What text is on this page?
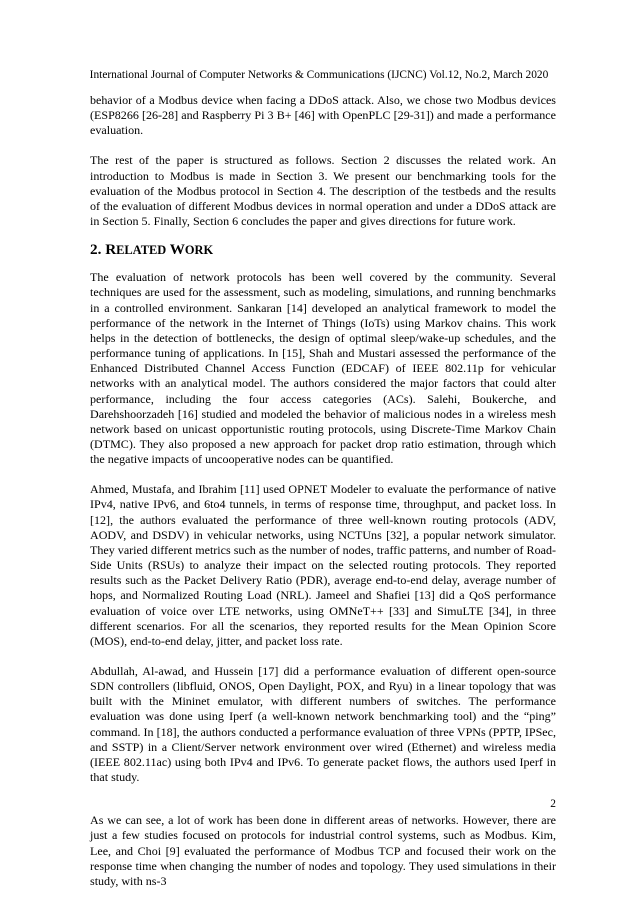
International Journal of Computer Networks & Communications (IJCNC) Vol.12, No.2, March 2020

behavior of a Modbus device when facing a DDoS attack. Also, we chose two Modbus devices (ESP8266 [26-28] and Raspberry Pi 3 B+ [46] with OpenPLC [29-31]) and made a performance evaluation.

The rest of the paper is structured as follows. Section 2 discusses the related work. An introduction to Modbus is made in Section 3. We present our benchmarking tools for the evaluation of the Modbus protocol in Section 4. The description of the testbeds and the results of the evaluation of different Modbus devices in normal operation and under a DDoS attack are in Section 5. Finally, Section 6 concludes the paper and gives directions for future work.

2. RELATED WORK

The evaluation of network protocols has been well covered by the community. Several techniques are used for the assessment, such as modeling, simulations, and running benchmarks in a controlled environment. Sankaran [14] developed an analytical framework to model the performance of the network in the Internet of Things (IoTs) using Markov chains. This work helps in the detection of bottlenecks, the design of optimal sleep/wake-up schedules, and the performance tuning of applications. In [15], Shah and Mustari assessed the performance of the Enhanced Distributed Channel Access Function (EDCAF) of IEEE 802.11p for vehicular networks with an analytical model. The authors considered the major factors that could alter performance, including the four access categories (ACs). Salehi, Boukerche, and Darehshoorzadeh [16] studied and modeled the behavior of malicious nodes in a wireless mesh network based on unicast opportunistic routing protocols, using Discrete-Time Markov Chain (DTMC). They also proposed a new approach for packet drop ratio estimation, through which the negative impacts of uncooperative nodes can be quantified.

Ahmed, Mustafa, and Ibrahim [11] used OPNET Modeler to evaluate the performance of native IPv4, native IPv6, and 6to4 tunnels, in terms of response time, throughput, and packet loss. In [12], the authors evaluated the performance of three well-known routing protocols (ADV, AODV, and DSDV) in vehicular networks, using NCTUns [32], a popular network simulator. They varied different metrics such as the number of nodes, traffic patterns, and number of Road-Side Units (RSUs) to analyze their impact on the selected routing protocols. They reported results such as the Packet Delivery Ratio (PDR), average end-to-end delay, average number of hops, and Normalized Routing Load (NRL). Jameel and Shafiei [13] did a QoS performance evaluation of voice over LTE networks, using OMNeT++ [33] and SimuLTE [34], in three different scenarios. For all the scenarios, they reported results for the Mean Opinion Score (MOS), end-to-end delay, jitter, and packet loss rate.

Abdullah, Al-awad, and Hussein [17] did a performance evaluation of different open-source SDN controllers (libfluid, ONOS, Open Daylight, POX, and Ryu) in a linear topology that was built with the Mininet emulator, with different numbers of switches. The performance evaluation was done using Iperf (a well-known network benchmarking tool) and the “ping” command. In [18], the authors conducted a performance evaluation of three VPNs (PPTP, IPSec, and SSTP) in a Client/Server network environment over wired (Ethernet) and wireless media (IEEE 802.11ac) using both IPv4 and IPv6. To generate packet flows, the authors used Iperf in that study.

As we can see, a lot of work has been done in different areas of networks. However, there are just a few studies focused on protocols for industrial control systems, such as Modbus. Kim, Lee, and Choi [9] evaluated the performance of Modbus TCP and focused their work on the response time when changing the number of nodes and topology. They used simulations in their study, with ns-3

2
